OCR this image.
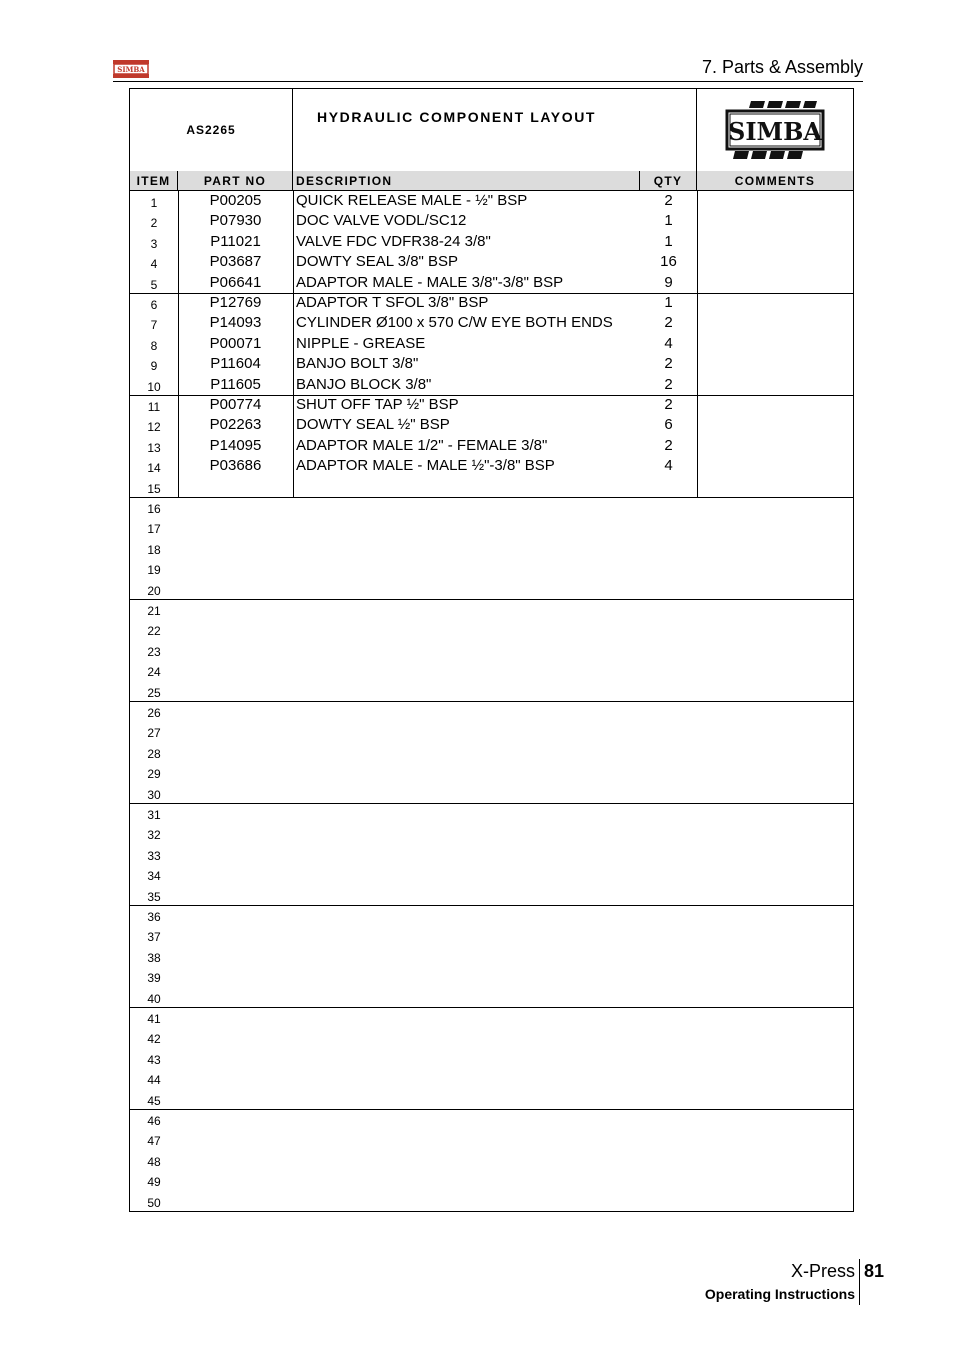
SIMBA	7. Parts & Assembly
AS2265
HYDRAULIC COMPONENT LAYOUT	SIMBA
ITEM	PART NO	DESCRIPTION	QTY	COMMENTS
1	P00205	QUICK RELEASE MALE - ½" BSP	2
2	P07930	DOC VALVE VODL/SC12	1
3	P11021	VALVE FDC VDFR38-24 3/8"	1
4	P03687	DOWTY SEAL 3/8" BSP	16
5	P06641	ADAPTOR MALE - MALE 3/8"-3/8" BSP	9
6	P12769	ADAPTOR T SFOL 3/8" BSP	1
7	P14093	CYLINDER Ø100 x 570 C/W EYE BOTH ENDS	2
8	P00071	NIPPLE - GREASE	4
9	P11604	BANJO BOLT 3/8"	2
10	P11605	BANJO BLOCK 3/8"	2
11	P00774	SHUT OFF TAP ½" BSP	2
12	P02263	DOWTY SEAL ½" BSP	6
13	P14095	ADAPTOR MALE 1/2" - FEMALE 3/8"	2
14	P03686	ADAPTOR MALE - MALE ½"-3/8" BSP	4
15
16
17
18
19
20
21
22
23
24
25
26
27
28
29
30
31
32
33
34
35
36
37
38
39
40
41
42
43
44
45
46
47
48
49
50
X-Press 81
Operating Instructions
